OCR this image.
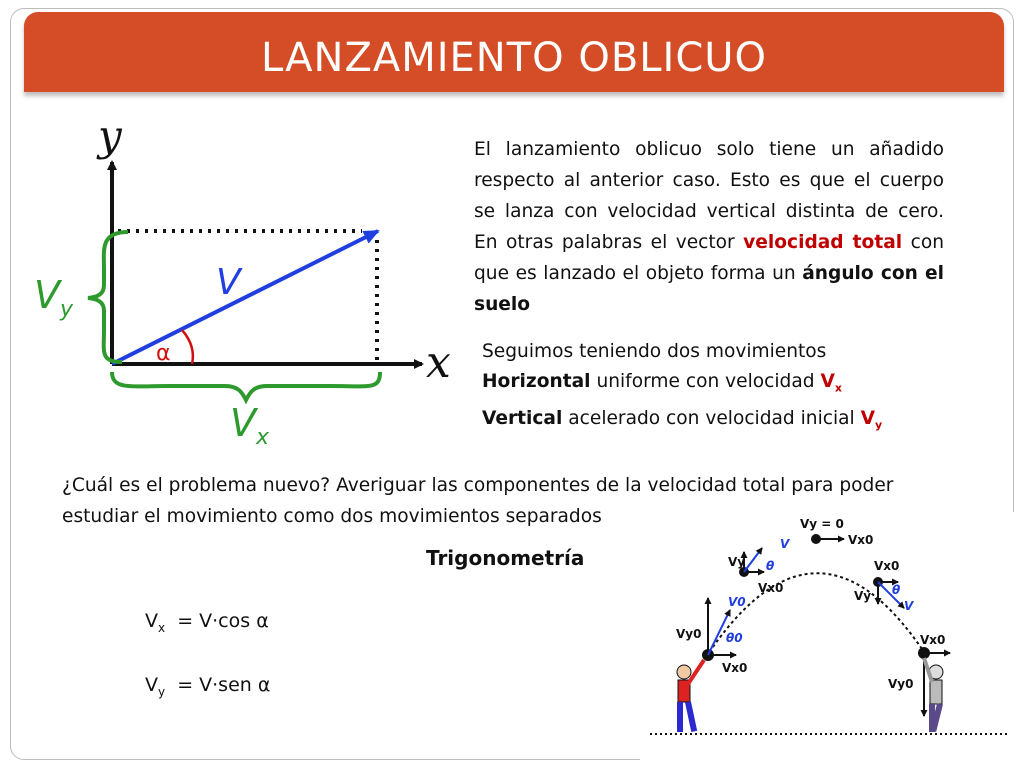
LANZAMIENTO OBLICUO
y
x
V
α
$V_y$
$V_x$
El lanzamiento oblicuo solo tiene un añadido respecto al anterior caso. Esto es que el cuerpo se lanza con velocidad vertical distinta de cero. En otras palabras el vector velocidad total con que es lanzado el objeto forma un ángulo con el suelo

Seguimos teniendo dos movimientos

Horizontal uniforme con velocidad $V_x$

Vertical acelerado con velocidad inicial $V_y$

¿Cuál es el problema nuevo? Averiguar las componentes de la velocidad total para poder estudiar el movimiento como dos movimientos separados	Vy = 0
Vx0
Vy0
V0
θ0
Vx0
Vy
V
θ
Vx0
Vx0
Vy θ
V
Vx0
Vy0
Trigonometría
$V_x = V\cdot\cos$ α
$V_y = V\cdot sen$ α
